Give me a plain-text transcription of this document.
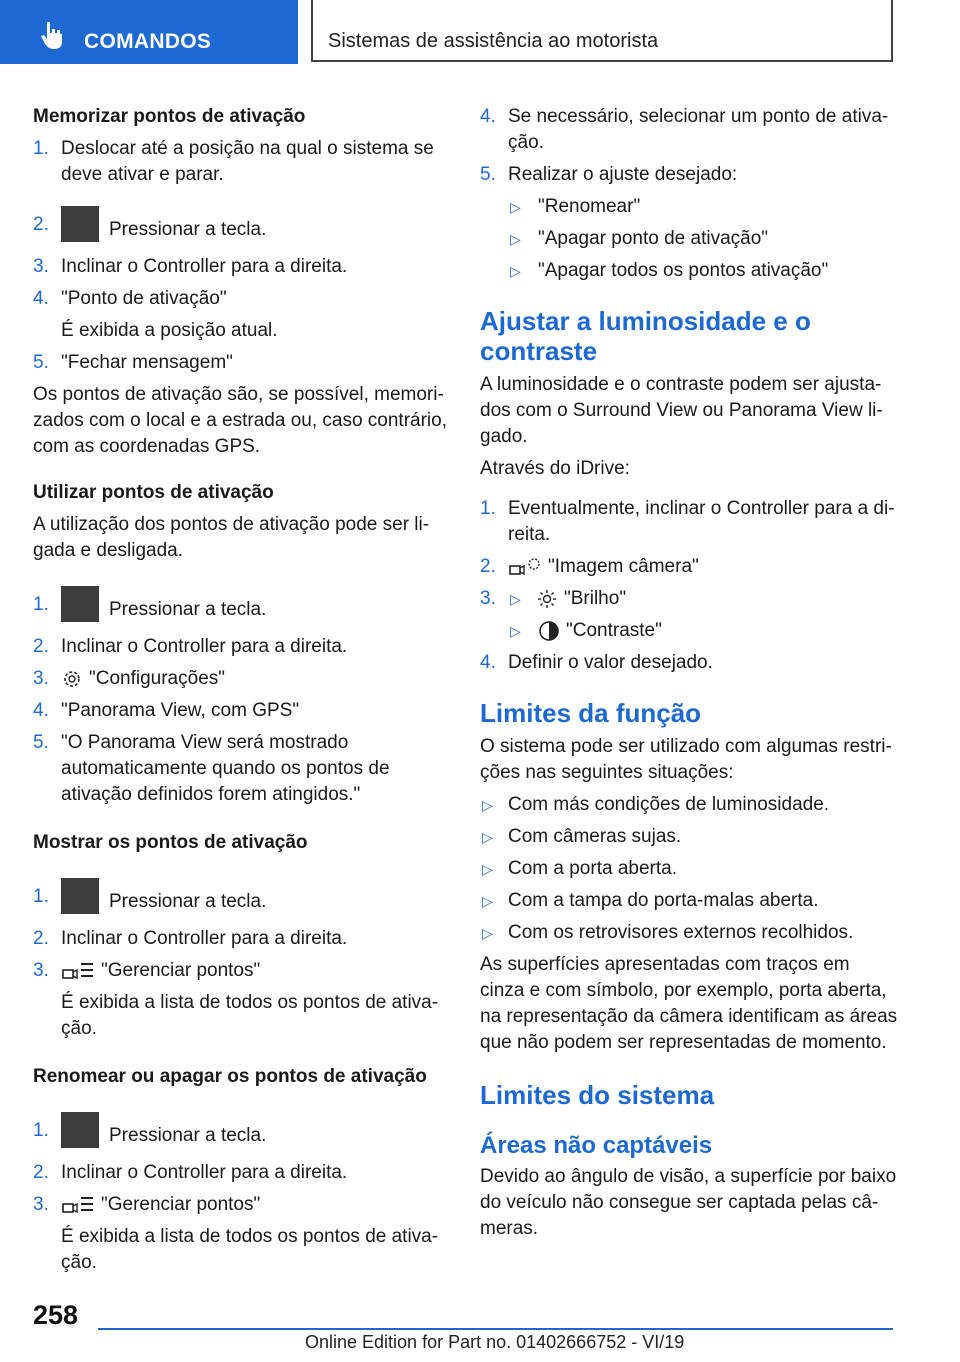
COMANDOS	Sistemas de assistência ao motorista
Memorizar pontos de ativação
1. Deslocar até a posição na qual o sistema se deve ativar e parar.
2.	Pressionar a tecla.
3. Inclinar o Controller para a direita.
4. "Ponto de ativação"
É exibida a posição atual.
5. "Fechar mensagem"

Os pontos de ativação são, se possível, memori-zados com o local e a estrada ou, caso contrário, com as coordenadas GPS.

Utilizar pontos de ativação

A utilização dos pontos de ativação pode ser li-gada e desligada.

1.	Pressionar a tecla.
2. Inclinar o Controller para a direita.
3. "Configurações"
4. "Panorama View, com GPS"
5. "O Panorama View será mostrado automaticamente quando os pontos de ativação definidos forem atingidos."
Mostrar os pontos de ativação
1.	Pressionar a tecla.
2. Inclinar o Controller para a direita.
3.	"Gerenciar pontos"
É exibida a lista de todos os pontos de ativa-ção.
Renomear ou apagar os pontos de ativação
1.	Pressionar a tecla.
2. Inclinar o Controller para a direita.
3.	"Gerenciar pontos"
É exibida a lista de todos os pontos de ativa-ção.
4. Se necessário, selecionar um ponto de ativa-ção.
5. Realizar o ajuste desejado:
▷ "Renomear"
▷ "Apagar ponto de ativação"
▷ "Apagar todos os pontos ativação"
Ajustar a luminosidade e o contraste

A luminosidade e o contraste podem ser ajusta-dos com o Surround View ou Panorama View li-gado.

Através do iDrive:

1. Eventualmente, inclinar o Controller para a di-reita.
2.	"Imagem câmera"
3. ▷ "Brilho"
▷ "Contraste"
4. Definir o valor desejado.
Limites da função

O sistema pode ser utilizado com algumas restri-ções nas seguintes situações:

▷ Com más condições de luminosidade.
▷ Com câmeras sujas.
▷ Com a porta aberta.
▷ Com a tampa do porta-malas aberta.
▷ Com os retrovisores externos recolhidos.

As superfícies apresentadas com traços em cinza e com símbolo, por exemplo, porta aberta, na representação da câmera identificam as áreas que não podem ser representadas de momento.

Limites do sistema
Áreas não captáveis

Devido ao ângulo de visão, a superfície por baixo do veículo não consegue ser captada pelas câ-meras.

258
Online Edition for Part no. 01402666752 - VI/19
